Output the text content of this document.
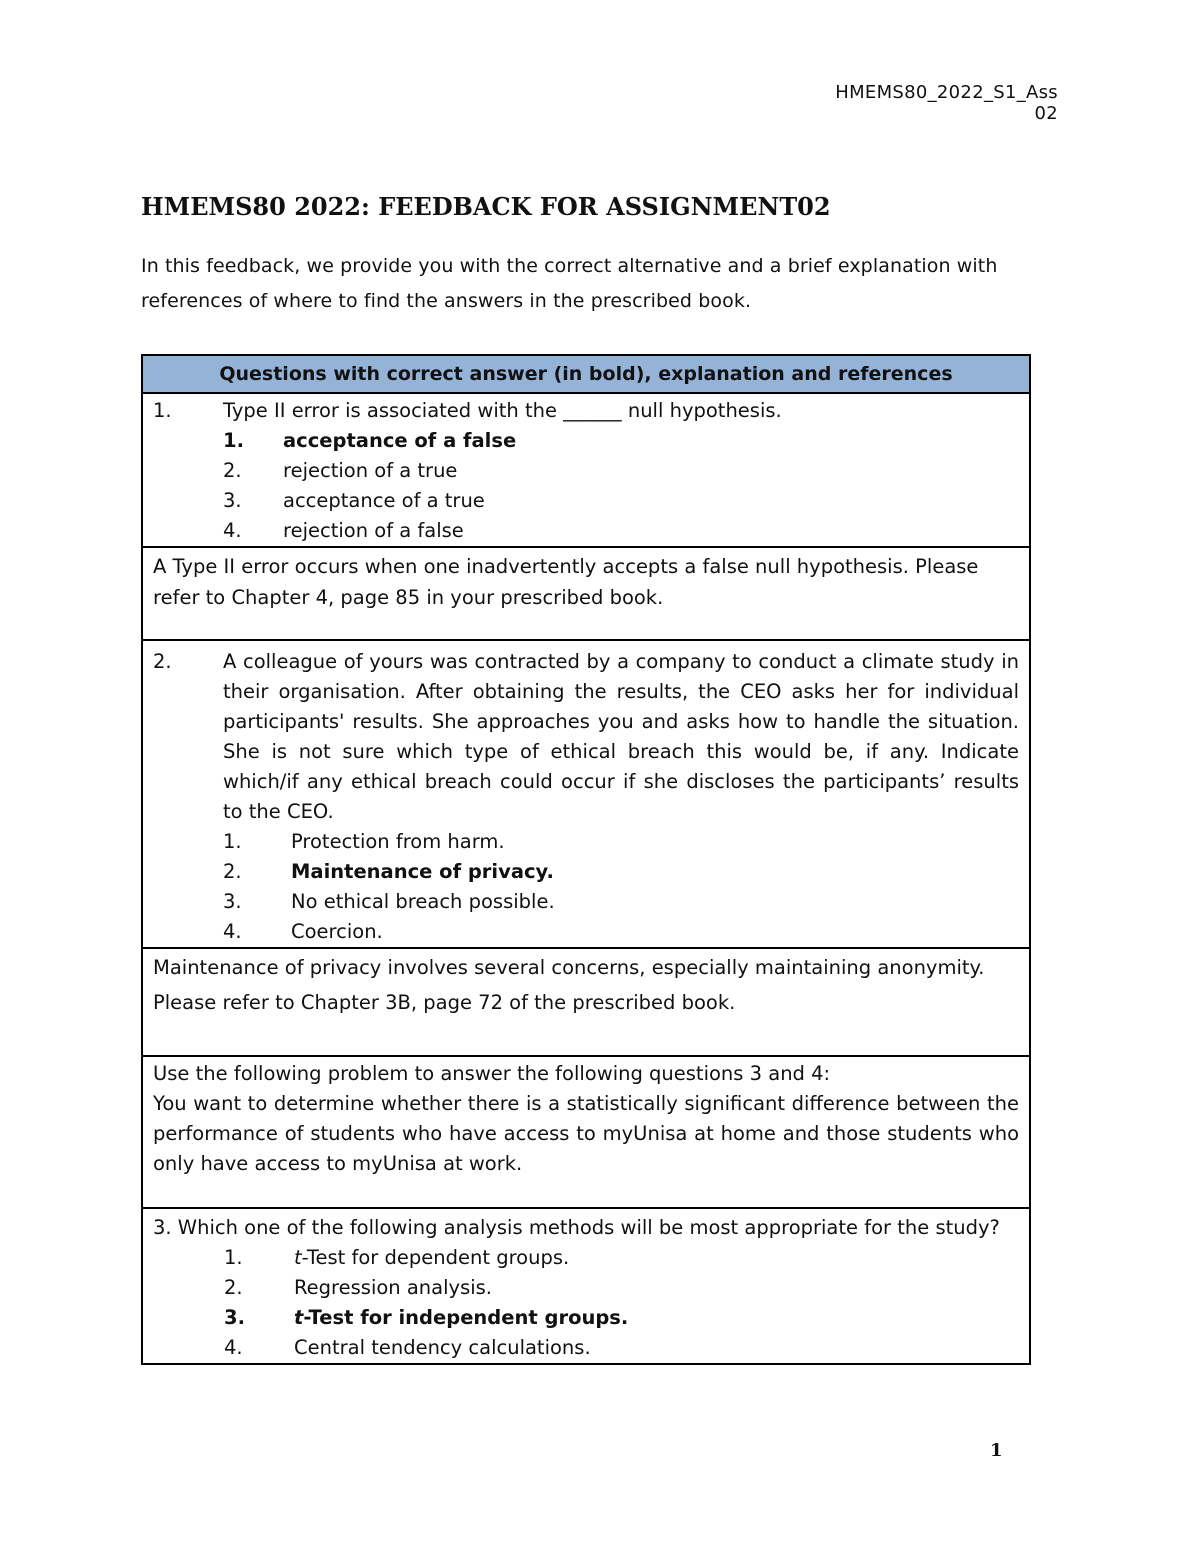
HMEMS80_2022_S1_Ass 02
HMEMS80 2022: FEEDBACK FOR ASSIGNMENT02
In this feedback, we provide you with the correct alternative and a brief explanation with references of where to find the answers in the prescribed book.
Questions with correct answer (in bold), explanation and references

1.	Type II error is associated with the ______ null hypothesis.
1.	acceptance of a false
2.	rejection of a true
3.	acceptance of a true
4.	rejection of a false

A Type II error occurs when one inadvertently accepts a false null hypothesis. Please refer to Chapter 4, page 85 in your prescribed book.

2.	A colleague of yours was contracted by a company to conduct a climate study in their organisation. After obtaining the results, the CEO asks her for individual participants' results. She approaches you and asks how to handle the situation. She is not sure which type of ethical breach this would be, if any. Indicate which/if any ethical breach could occur if she discloses the participants’ results to the CEO.
1.	Protection from harm.
2.	Maintenance of privacy.
3.	No ethical breach possible.
4.	Coercion.

Maintenance of privacy involves several concerns, especially maintaining anonymity.
Please refer to Chapter 3B, page 72 of the prescribed book.

Use the following problem to answer the following questions 3 and 4:
You want to determine whether there is a statistically significant difference between the performance of students who have access to myUnisa at home and those students who only have access to myUnisa at work.

3. Which one of the following analysis methods will be most appropriate for the study?
1.	t-Test for dependent groups.
2.	Regression analysis.
3.	t-Test for independent groups.
4.	Central tendency calculations.
1
